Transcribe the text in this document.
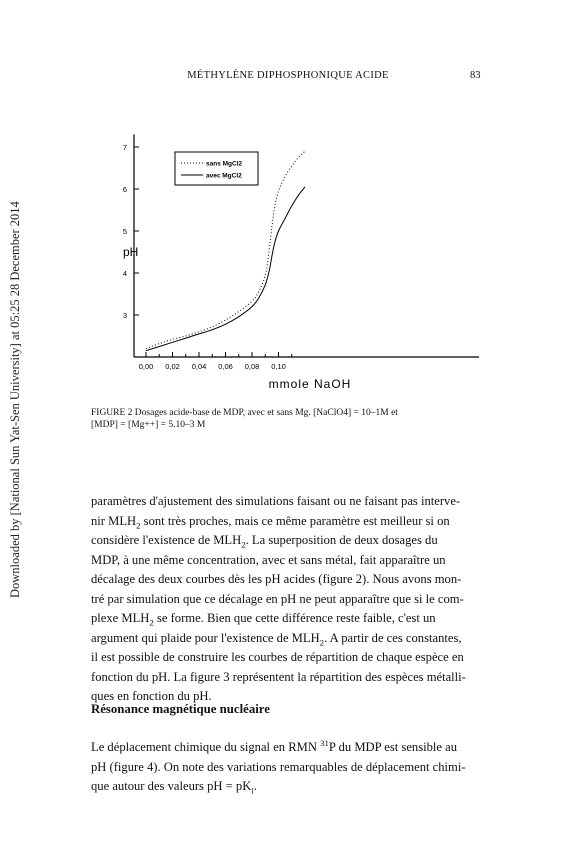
MÉTHYLÈNE DIPHOSPHONIQUE ACIDE	83
Downloaded by [National Sun Yat-Sen University] at 05:25 28 December 2014	3
4
5
6
7
0,00 0,02 0,04 0,06 0,08 0,10
sans MgCl2
avec MgCl2
pH
mmole NaOH
FIGURE 2 Dosages acide-base de MDP, avec et sans Mg. [NaClO4] = 10–1M et
[MDP] = [Mg++] = 5.10–3 M
paramètres d'ajustement des simulations faisant ou ne faisant pas interve-
nir $MLH_2$ sont très proches, mais ce même paramètre est meilleur si on
considère l'existence de $MLH_2$. La superposition de deux dosages du
MDP, à une même concentration, avec et sans métal, fait apparaître un
décalage des deux courbes dès les pH acides (figure 2). Nous avons mon-
tré par simulation que ce décalage en pH ne peut apparaître que si le com-
plexe $MLH_2$ se forme. Bien que cette différence reste faible, c'est un
argument qui plaide pour l'existence de $MLH_2$. A partir de ces constantes,
il est possible de construire les courbes de répartition de chaque espèce en
fonction du pH. La figure 3 représentent la répartition des espèces métalli-
ques en fonction du pH.
Résonance magnétique nucléaire
Le déplacement chimique du signal en RMN $^{31}$P du MDP est sensible au
pH (figure 4). On note des variations remarquables de déplacement chimi-
que autour des valeurs pH = $pK_i$.
